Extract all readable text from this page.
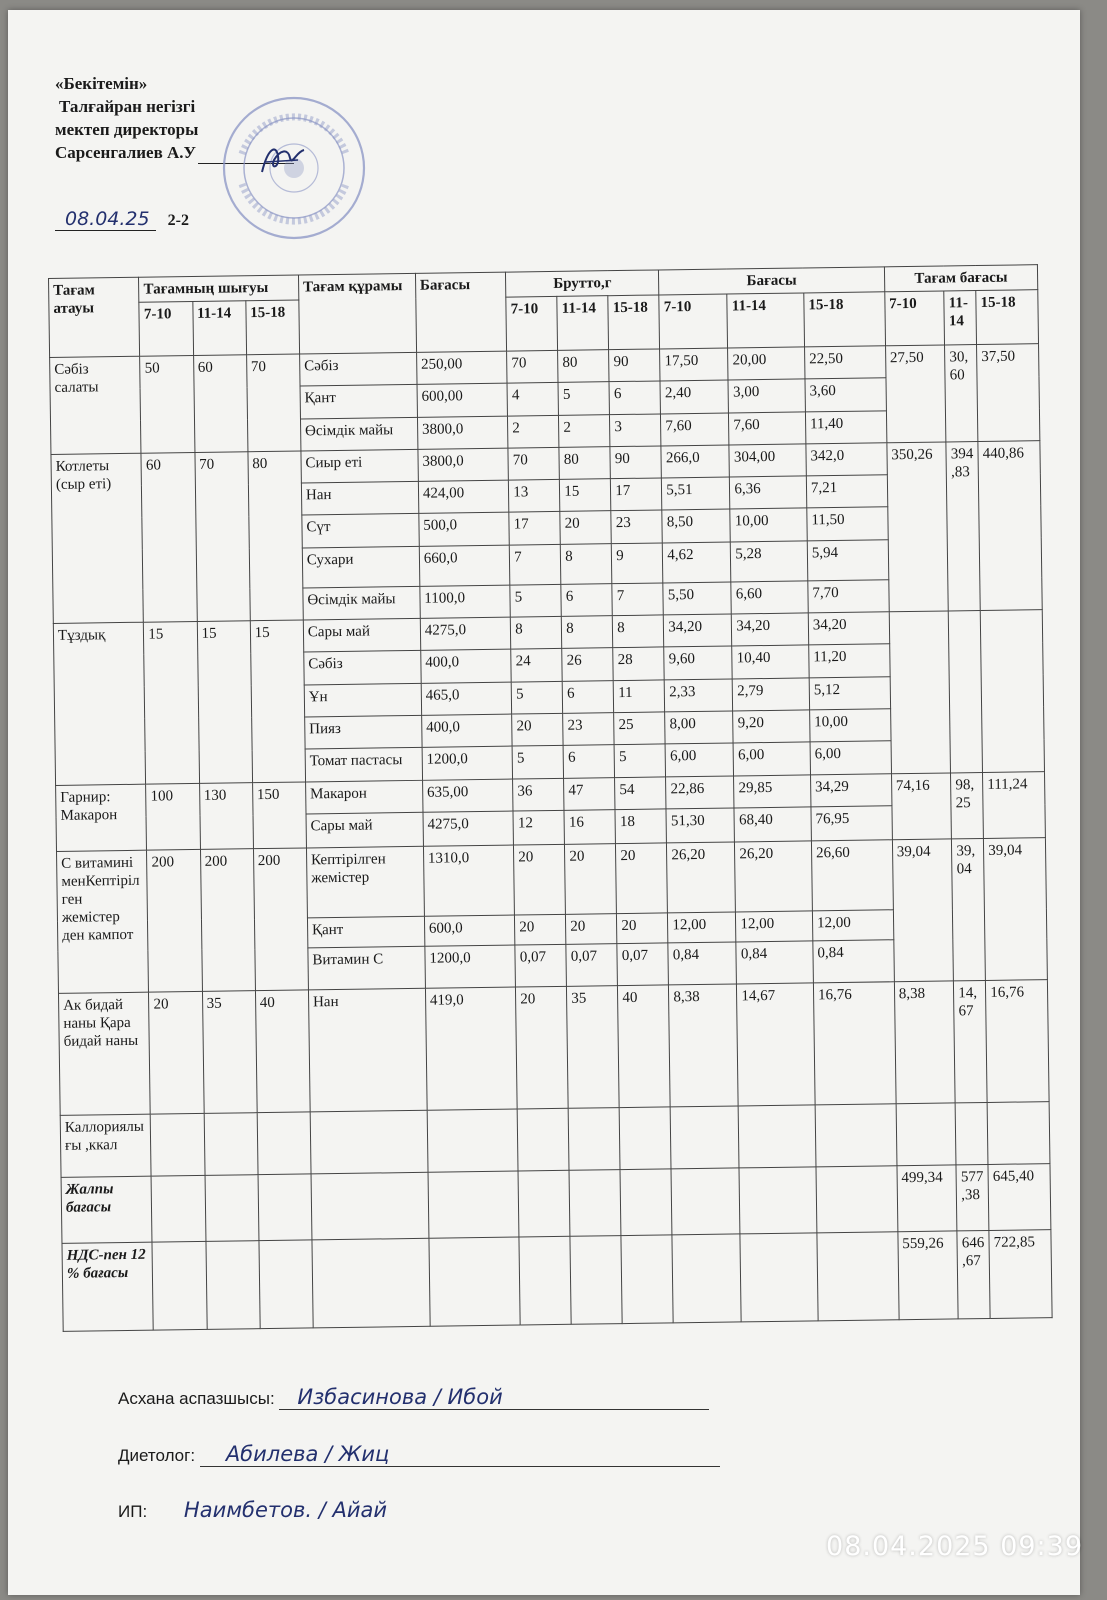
«Бекітемін»
Талғайран негізгі
мектеп директоры
Сарсенгалиев А.У
08.04.25 2-2
Тағам атауы	Тағамның шығуы			Тағам құрамы	Бағасы	Брутто,г			Бағасы			Тағам бағасы		
	7-10	11-14	15-18			7-10	11-14	15-18	7-10	11-14	15-18	7-10	11-14	15-18
Сәбіз салаты	50	60	70	Сәбіз	250,00	70	80	90	17,50	20,00	22,50	27,50	30,60	37,50
				Қант	600,00	4	5	6	2,40	3,00	3,60			
				Өсімдік майы	3800,0	2	2	3	7,60	7,60	11,40			
Котлеты (сыр еті)	60	70	80	Сиыр еті	3800,0	70	80	90	266,0	304,00	342,0	350,26	394,83	440,86
				Нан	424,00	13	15	17	5,51	6,36	7,21			
				Сүт	500,0	17	20	23	8,50	10,00	11,50			
				Сухари	660,0	7	8	9	4,62	5,28	5,94			
				Өсімдік майы	1100,0	5	6	7	5,50	6,60	7,70			
Тұздық	15	15	15	Сары май	4275,0	8	8	8	34,20	34,20	34,20			
				Сәбіз	400,0	24	26	28	9,60	10,40	11,20			
				Ұн	465,0	5	6	11	2,33	2,79	5,12			
				Пияз	400,0	20	23	25	8,00	9,20	10,00			
				Томат пастасы	1200,0	5	6	5	6,00	6,00	6,00			
Гарнир: Макарон	100	130	150	Макарон	635,00	36	47	54	22,86	29,85	34,29	74,16	98,25	111,24
				Сары май	4275,0	12	16	18	51,30	68,40	76,95			
С витамині менКептірілген жемістер ден кампот	200	200	200	Кептірілген жемістер	1310,0	20	20	20	26,20	26,20	26,60	39,04	39,04	39,04
				Қант	600,0	20	20	20	12,00	12,00	12,00			
				Витамин С	1200,0	0,07	0,07	0,07	0,84	0,84	0,84			
Ак бидай наны Қара бидай наны	20	35	40	Нан	419,0	20	35	40	8,38	14,67	16,76	8,38	14,67	16,76
Каллориялығы ,ккал														
Жалпы бағасы												499,34	577,38	645,40
НДС-пен 12 % бағасы												559,26	646,67	722,85
Асхана аспазшысы: Избасинова / Ибой
Диетолог: Абилева / Жиц
ИП: Наимбетов. / Айай
08.04.2025 09:39
